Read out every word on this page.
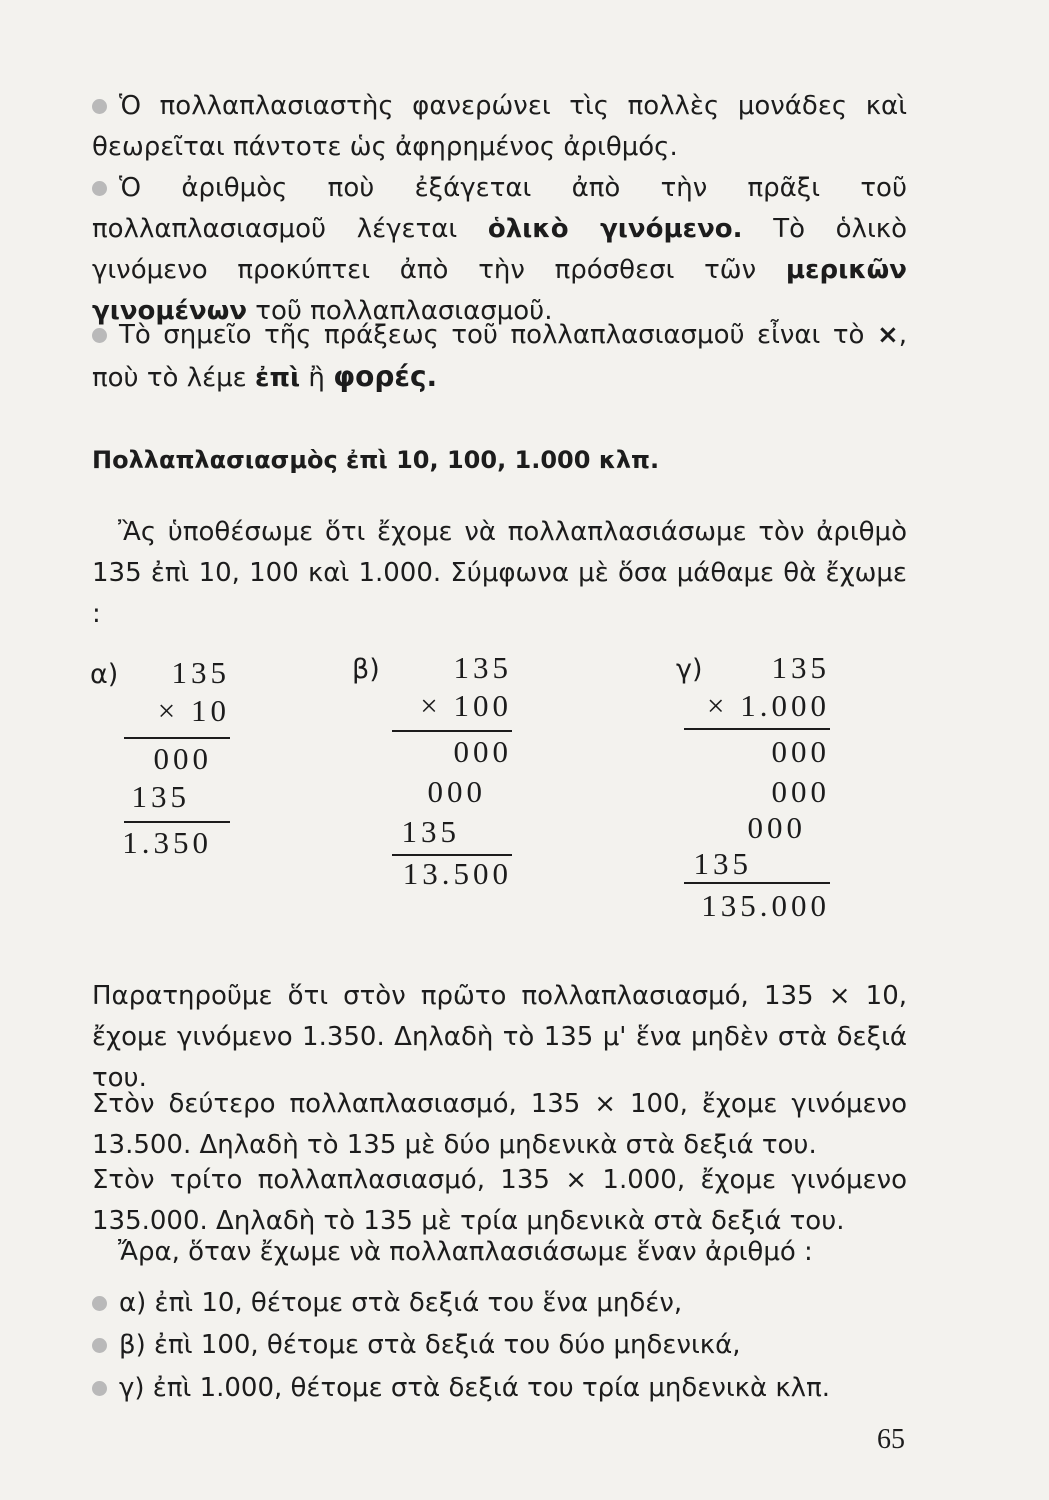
Ὁ πολλαπλασιαστὴς φανερώνει τὶς πολλὲς μονάδες καὶ θεωρεῖται πάντοτε ὡς ἀφηρημένος ἀριθμός.
Ὁ ἀριθμὸς ποὺ ἐξάγεται ἀπὸ τὴν πρᾶξι τοῦ πολλαπλασιασμοῦ λέγεται ὁλικὸ γινόμενο. Τὸ ὁλικὸ γινόμενο προκύπτει ἀπὸ τὴν πρόσθεσι τῶν μερικῶν γινομένων τοῦ πολλαπλασιασμοῦ.
Τὸ σημεῖο τῆς πράξεως τοῦ πολλαπλασιασμοῦ εἶναι τὸ ×, ποὺ τὸ λέμε ἐπὶ ἢ φορές.
Πολλαπλασιασμὸς ἐπὶ 10, 100, 1.000 κλπ.
Ἂς ὑποθέσωμε ὅτι ἔχομε νὰ πολλαπλασιάσωμε τὸν ἀριθμὸ 135 ἐπὶ 10, 100 καὶ 1.000. Σύμφωνα μὲ ὅσα μάθαμε θὰ ἔχωμε :
α) 135
× 10
000
135
1.350
β) 135
× 100
000
000
135
13.500
γ) 135
× 1.000
000
000
000
135
135.000
Παρατηροῦμε ὅτι στὸν πρῶτο πολλαπλασιασμό, 135 × 10, ἔχομε γινόμενο 1.350. Δηλαδὴ τὸ 135 μ' ἕνα μηδὲν στὰ δεξιά του.
Στὸν δεύτερο πολλαπλασιασμό, 135 × 100, ἔχομε γινόμενο 13.500. Δηλαδὴ τὸ 135 μὲ δύο μηδενικὰ στὰ δεξιά του.
Στὸν τρίτο πολλαπλασιασμό, 135 × 1.000, ἔχομε γινόμενο 135.000. Δηλαδὴ τὸ 135 μὲ τρία μηδενικὰ στὰ δεξιά του.
Ἄρα, ὅταν ἔχωμε νὰ πολλαπλασιάσωμε ἕναν ἀριθμό :
α) ἐπὶ 10, θέτομε στὰ δεξιά του ἕνα μηδέν,
β) ἐπὶ 100, θέτομε στὰ δεξιά του δύο μηδενικά,
γ) ἐπὶ 1.000, θέτομε στὰ δεξιά του τρία μηδενικὰ κλπ.
65
